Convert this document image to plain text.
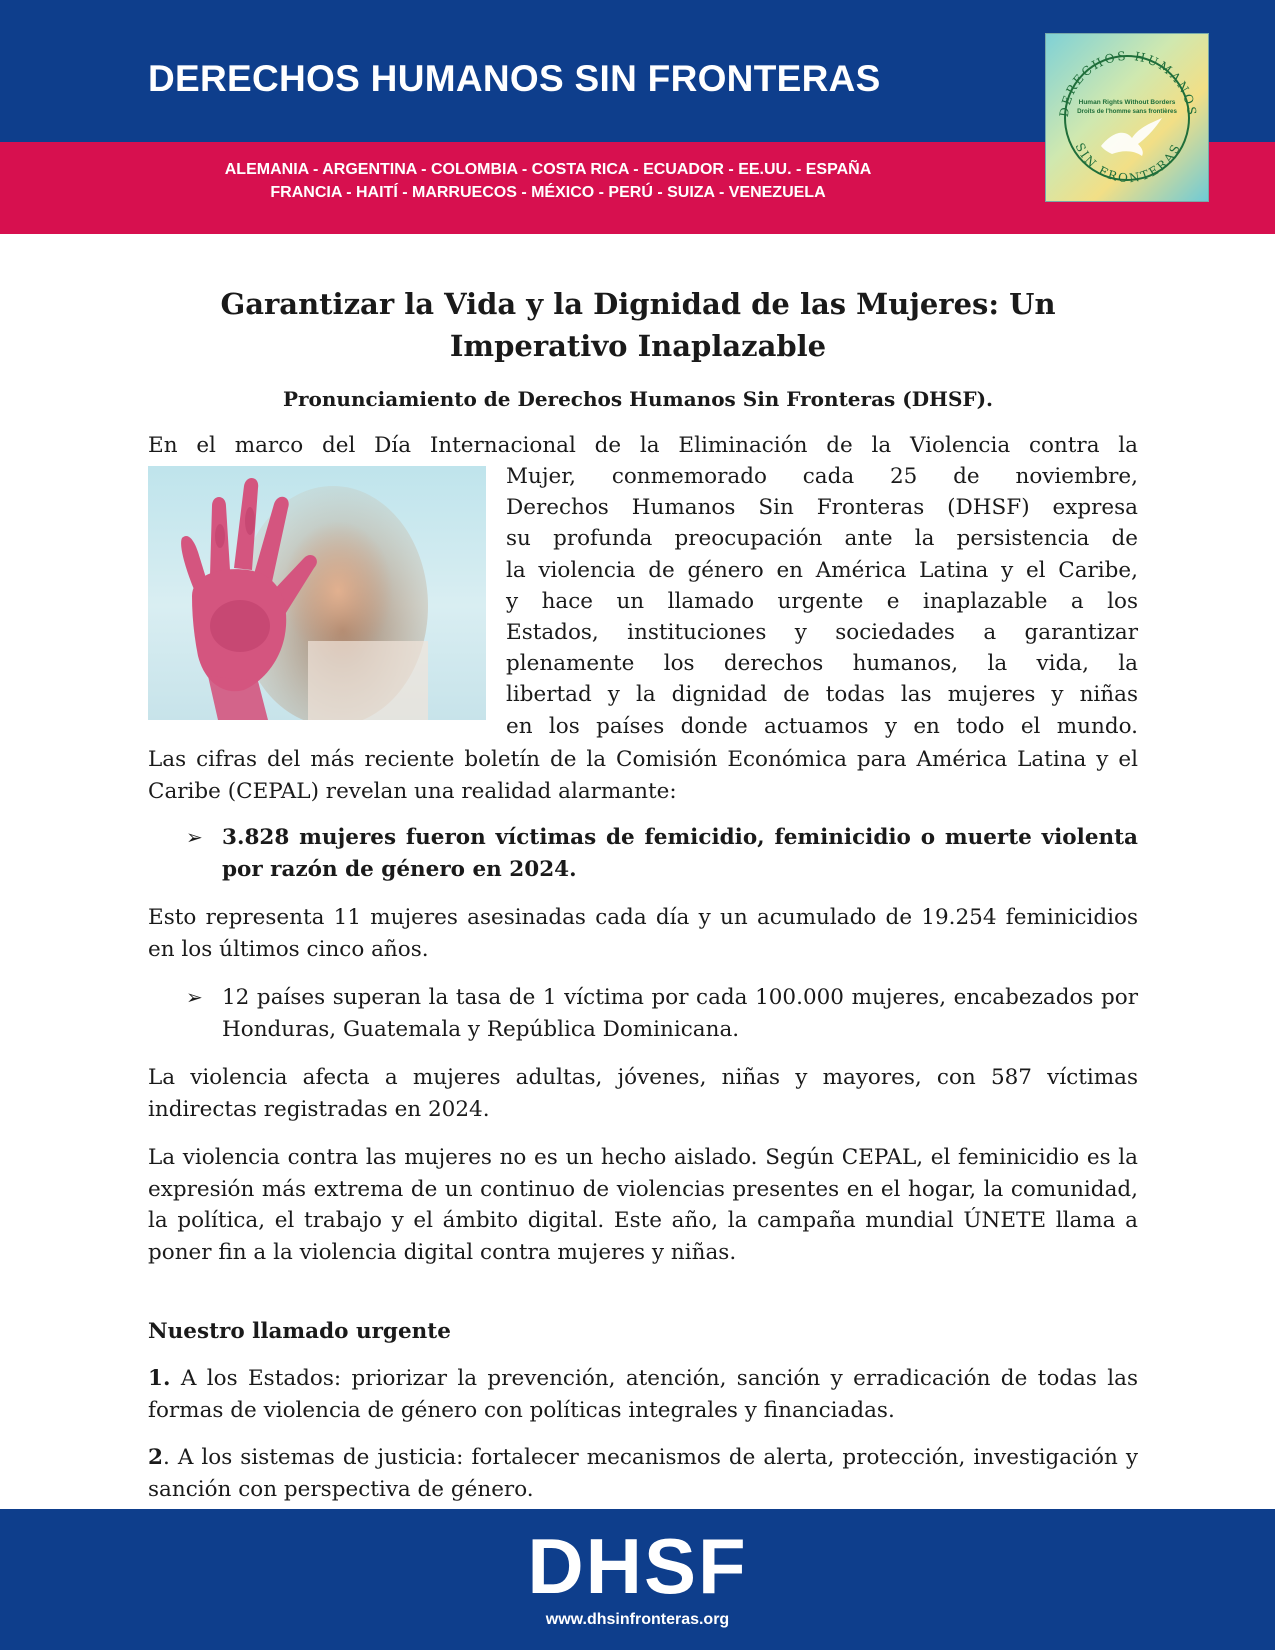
DERECHOS HUMANOS SIN FRONTERAS
ALEMANIA - ARGENTINA - COLOMBIA - COSTA RICA - ECUADOR - EE.UU. - ESPAÑA
FRANCIA - HAITÍ - MARRUECOS - MÉXICO - PERÚ - SUIZA - VENEZUELA
DERECHOS HUMANOS
SIN FRONTERAS
Human Rights Without Borders
Droits de l'homme sans frontières
Garantizar la Vida y la Dignidad de las Mujeres: Un Imperativo Inaplazable
Pronunciamiento de Derechos Humanos Sin Fronteras (DHSF).
En el marco del Día Internacional de la Eliminación de la Violencia contra la
Mujer, conmemorado cada 25 de noviembre,
Derechos Humanos Sin Fronteras (DHSF) expresa
su profunda preocupación ante la persistencia de
la violencia de género en América Latina y el Caribe,
y hace un llamado urgente e inaplazable a los
Estados, instituciones y sociedades a garantizar
plenamente los derechos humanos, la vida, la
libertad y la dignidad de todas las mujeres y niñas
en los países donde actuamos y en todo el mundo.
Las cifras del más reciente boletín de la Comisión Económica para América Latina y el Caribe (CEPAL) revelan una realidad alarmante:
➢ 3.828 mujeres fueron víctimas de femicidio, feminicidio o muerte violenta por razón de género en 2024.
Esto representa 11 mujeres asesinadas cada día y un acumulado de 19.254 feminicidios en los últimos cinco años.
➢ 12 países superan la tasa de 1 víctima por cada 100.000 mujeres, encabezados por Honduras, Guatemala y República Dominicana.
La violencia afecta a mujeres adultas, jóvenes, niñas y mayores, con 587 víctimas indirectas registradas en 2024.
La violencia contra las mujeres no es un hecho aislado. Según CEPAL, el feminicidio es la expresión más extrema de un continuo de violencias presentes en el hogar, la comunidad, la política, el trabajo y el ámbito digital. Este año, la campaña mundial ÚNETE llama a poner fin a la violencia digital contra mujeres y niñas.
Nuestro llamado urgente
1. A los Estados: priorizar la prevención, atención, sanción y erradicación de todas las formas de violencia de género con políticas integrales y financiadas.
2. A los sistemas de justicia: fortalecer mecanismos de alerta, protección, investigación y sanción con perspectiva de género.
DHSF
www.dhsinfronteras.org
